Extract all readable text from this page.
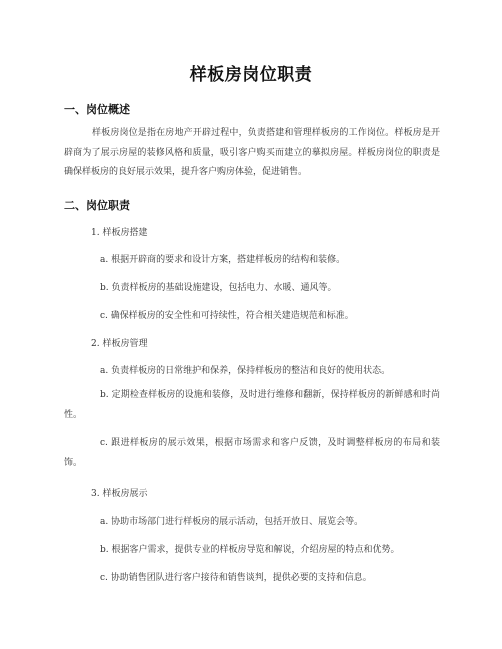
样板房岗位职责
一、岗位概述
样板房岗位是指在房地产开辟过程中，负责搭建和管理样板房的工作岗位。样板房是开辟商为了展示房屋的装修风格和质量，吸引客户购买而建立的摹拟房屋。样板房岗位的职责是确保样板房的良好展示效果，提升客户购房体验，促进销售。
二、岗位职责
1. 样板房搭建
a. 根据开辟商的要求和设计方案，搭建样板房的结构和装修。
b. 负责样板房的基础设施建设，包括电力、水暖、通风等。
c. 确保样板房的安全性和可持续性，符合相关建造规范和标准。
2. 样板房管理
a. 负责样板房的日常维护和保养，保持样板房的整洁和良好的使用状态。
b. 定期检查样板房的设施和装修，及时进行维修和翻新，保持样板房的新鲜感和时尚性。
c. 跟进样板房的展示效果，根据市场需求和客户反馈，及时调整样板房的布局和装饰。
3. 样板房展示
a. 协助市场部门进行样板房的展示活动，包括开放日、展览会等。
b. 根据客户需求，提供专业的样板房导览和解说，介绍房屋的特点和优势。
c. 协助销售团队进行客户接待和销售谈判，提供必要的支持和信息。
